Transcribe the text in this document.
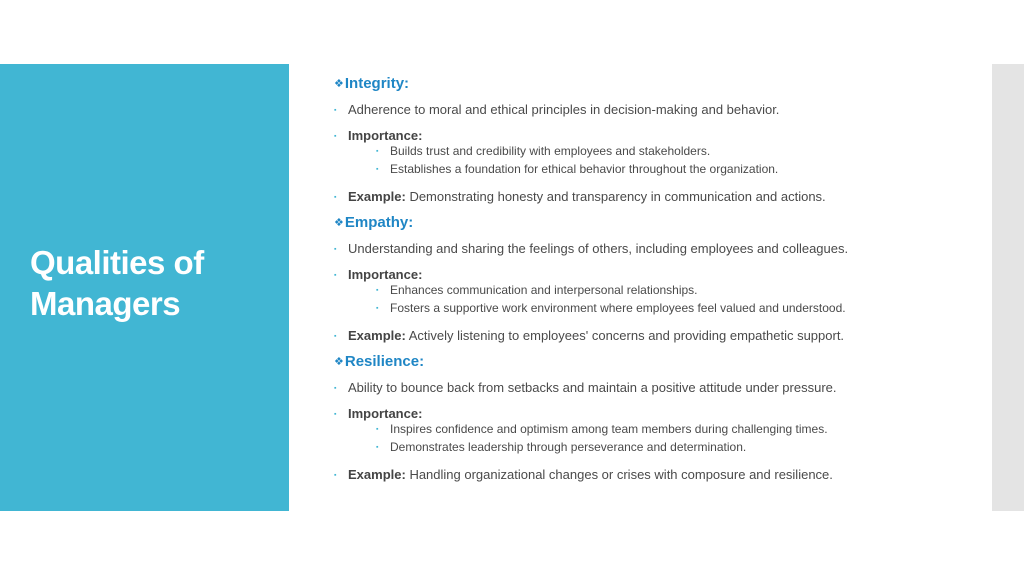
Qualities of Managers
❖Integrity:
▪ Adherence to moral and ethical principles in decision-making and behavior.
▪ Importance:
▪ Builds trust and credibility with employees and stakeholders.
▪ Establishes a foundation for ethical behavior throughout the organization.
▪ Example: Demonstrating honesty and transparency in communication and actions.
❖Empathy:
▪ Understanding and sharing the feelings of others, including employees and colleagues.
▪ Importance:
▪ Enhances communication and interpersonal relationships.
▪ Fosters a supportive work environment where employees feel valued and understood.
▪ Example: Actively listening to employees' concerns and providing empathetic support.
❖Resilience:
▪ Ability to bounce back from setbacks and maintain a positive attitude under pressure.
▪ Importance:
▪ Inspires confidence and optimism among team members during challenging times.
▪ Demonstrates leadership through perseverance and determination.
▪ Example: Handling organizational changes or crises with composure and resilience.
